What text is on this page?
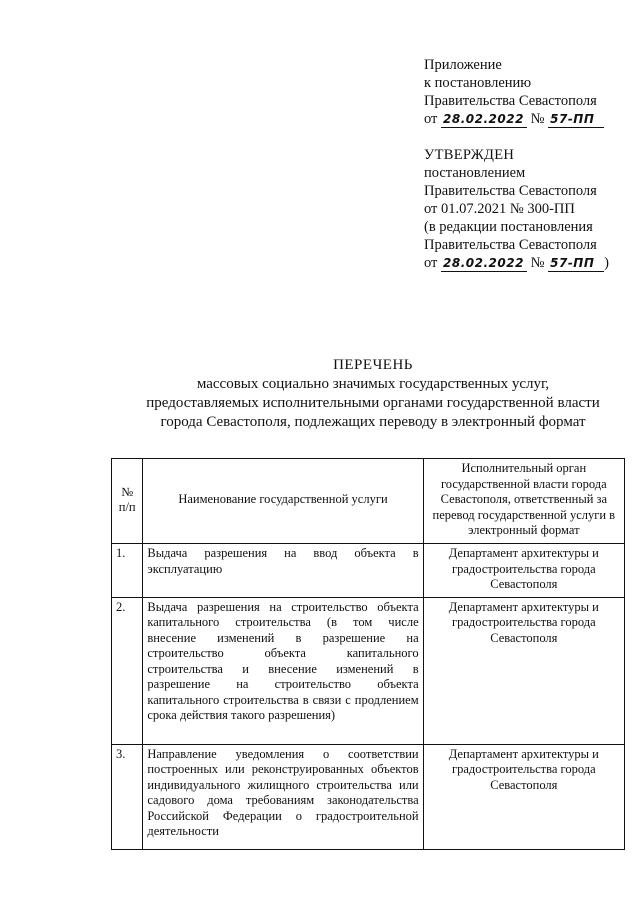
Приложение
к постановлению
Правительства Севастополя
от 28.02.2022 № 57-ПП
УТВЕРЖДЕН
постановлением
Правительства Севастополя
от 01.07.2021 № 300-ПП
(в редакции постановления
Правительства Севастополя
от 28.02.2022 № 57-ПП )
ПЕРЕЧЕНЬ
массовых социально значимых государственных услуг,
предоставляемых исполнительными органами государственной власти
города Севастополя, подлежащих переводу в электронный формат
№ п/п	Наименование государственной услуги	Исполнительный орган государственной власти города Севастополя, ответственный за перевод государственной услуги в электронный формат
1.	Выдача разрешения на ввод объекта в эксплуатацию	Департамент архитектуры и градостроительства города Севастополя
2.	Выдача разрешения на строительство объекта капитального строительства (в том числе внесение изменений в разрешение на строительство объекта капитального строительства и внесение изменений в разрешение на строительство объекта капитального строительства в связи с продлением срока действия такого разрешения)	Департамент архитектуры и градостроительства города Севастополя
3.	Направление уведомления о соответствии построенных или реконструированных объектов индивидуального жилищного строительства или садового дома требованиям законодательства Российской Федерации о градостроительной деятельности	Департамент архитектуры и градостроительства города Севастополя
